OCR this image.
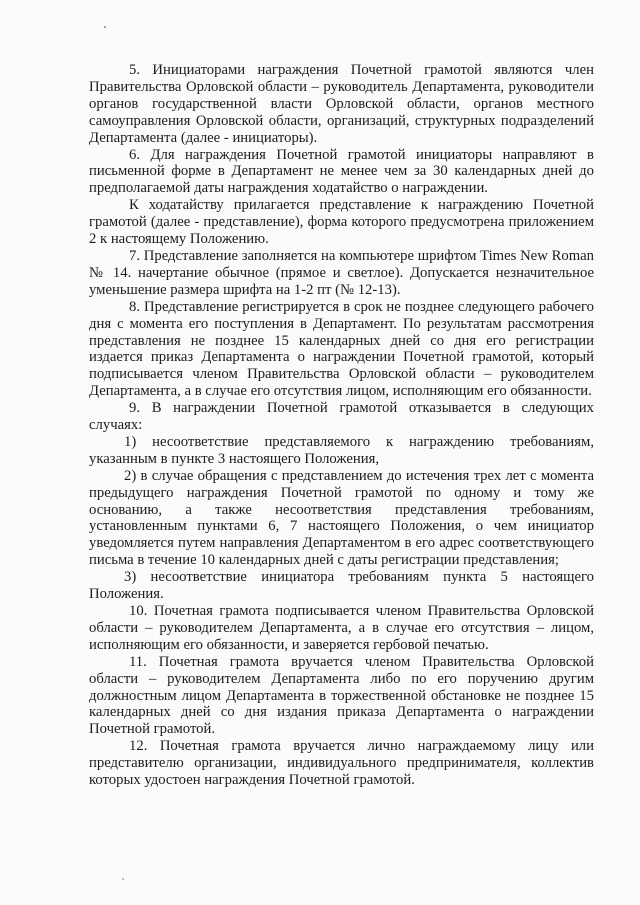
5. Инициаторами награждения Почетной грамотой являются член Правительства Орловской области – руководитель Департамента, руководители органов государственной власти Орловской области, органов местного самоуправления Орловской области, организаций, структурных подразделений Департамента (далее - инициаторы).

6. Для награждения Почетной грамотой инициаторы направляют в письменной форме в Департамент не менее чем за 30 календарных дней до предполагаемой даты награждения ходатайство о награждении.

К ходатайству прилагается представление к награждению Почетной грамотой (далее - представление), форма которого предусмотрена приложением 2 к настоящему Положению.

7. Представление заполняется на компьютере шрифтом Times New Roman № 14. начертание обычное (прямое и светлое). Допускается незначительное уменьшение размера шрифта на 1-2 пт (№ 12-13).

8. Представление регистрируется в срок не позднее следующего рабочего дня с момента его поступления в Департамент. По результатам рассмотрения представления не позднее 15 календарных дней со дня его регистрации издается приказ Департамента о награждении Почетной грамотой, который подписывается членом Правительства Орловской области – руководителем Департамента, а в случае его отсутствия лицом, исполняющим его обязанности.

9. В награждении Почетной грамотой отказывается в следующих случаях:

1) несоответствие представляемого к награждению требованиям, указанным в пункте 3 настоящего Положения,

2) в случае обращения с представлением до истечения трех лет с момента предыдущего награждения Почетной грамотой по одному и тому же основанию, а также несоответствия представления требованиям, установленным пунктами 6, 7 настоящего Положения, о чем инициатор уведомляется путем направления Департаментом в его адрес соответствующего письма в течение 10 календарных дней с даты регистрации представления;

3) несоответствие инициатора требованиям пункта 5 настоящего Положения.

10. Почетная грамота подписывается членом Правительства Орловской области – руководителем Департамента, а в случае его отсутствия – лицом, исполняющим его обязанности, и заверяется гербовой печатью.

11. Почетная грамота вручается членом Правительства Орловской области – руководителем Департамента либо по его поручению другим должностным лицом Департамента в торжественной обстановке не позднее 15 календарных дней со дня издания приказа Департамента о награждении Почетной грамотой.

12. Почетная грамота вручается лично награждаемому лицу или представителю организации, индивидуального предпринимателя, коллектив которых удостоен награждения Почетной грамотой.
